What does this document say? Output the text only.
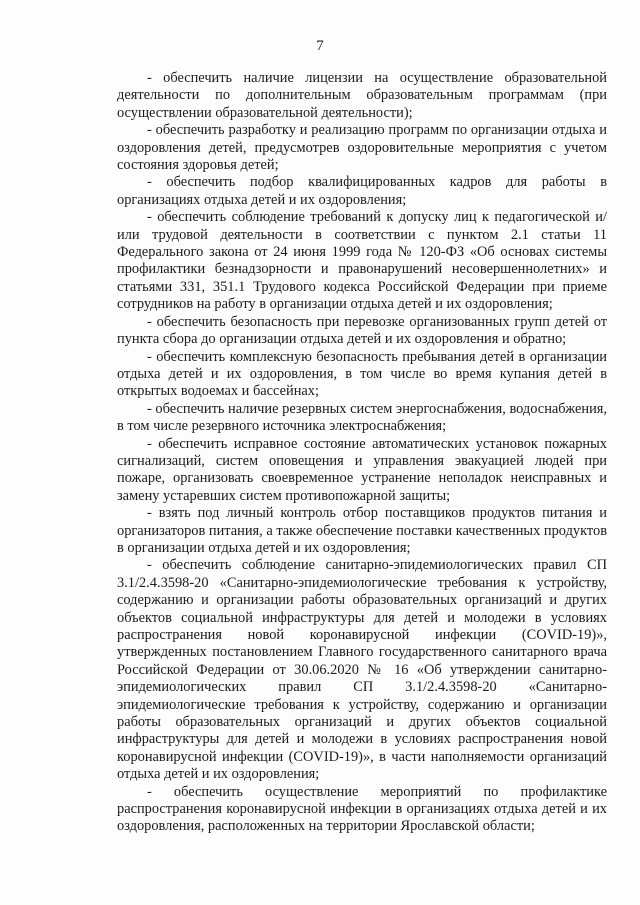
7

- обеспечить наличие лицензии на осуществление образовательной деятельности по дополнительным образовательным программам (при осуществлении образовательной деятельности);

- обеспечить разработку и реализацию программ по организации отдыха и оздоровления детей, предусмотрев оздоровительные мероприятия с учетом состояния здоровья детей;

- обеспечить подбор квалифицированных кадров для работы в организациях отдыха детей и их оздоровления;

- обеспечить соблюдение требований к допуску лиц к педагогической и/или трудовой деятельности в соответствии с пунктом 2.1 статьи 11 Федерального закона от 24 июня 1999 года № 120-ФЗ «Об основах системы профилактики безнадзорности и правонарушений несовершеннолетних» и статьями 331, 351.1 Трудового кодекса Российской Федерации при приеме сотрудников на работу в организации отдыха детей и их оздоровления;

- обеспечить безопасность при перевозке организованных групп детей от пункта сбора до организации отдыха детей и их оздоровления и обратно;

- обеспечить комплексную безопасность пребывания детей в организации отдыха детей и их оздоровления, в том числе во время купания детей в открытых водоемах и бассейнах;

- обеспечить наличие резервных систем энергоснабжения, водоснабжения, в том числе резервного источника электроснабжения;

- обеспечить исправное состояние автоматических установок пожарных сигнализаций, систем оповещения и управления эвакуацией людей при пожаре, организовать своевременное устранение неполадок неисправных и замену устаревших систем противопожарной защиты;

- взять под личный контроль отбор поставщиков продуктов питания и организаторов питания, а также обеспечение поставки качественных продуктов в организации отдыха детей и их оздоровления;

- обеспечить соблюдение санитарно-эпидемиологических правил СП 3.1/2.4.3598-20 «Санитарно-эпидемиологические требования к устройству, содержанию и организации работы образовательных организаций и других объектов социальной инфраструктуры для детей и молодежи в условиях распространения новой коронавирусной инфекции (COVID-19)», утвержденных постановлением Главного государственного санитарного врача Российской Федерации от 30.06.2020 № 16 «Об утверждении санитарно-эпидемиологических правил СП 3.1/2.4.3598-20 «Санитарно-эпидемиологические требования к устройству, содержанию и организации работы образовательных организаций и других объектов социальной инфраструктуры для детей и молодежи в условиях распространения новой коронавирусной инфекции (COVID-19)», в части наполняемости организаций отдыха детей и их оздоровления;

- обеспечить осуществление мероприятий по профилактике распространения коронавирусной инфекции в организациях отдыха детей и их оздоровления, расположенных на территории Ярославской области;
